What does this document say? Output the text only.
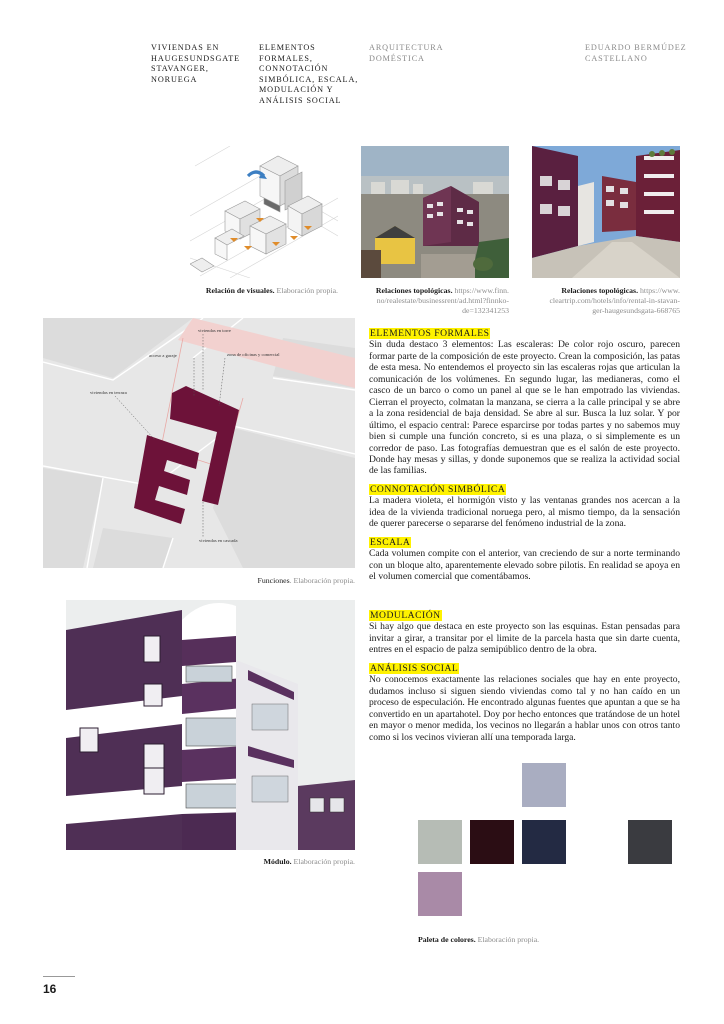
VIVIENDAS EN
HAUGESUNDSGATE
STAVANGER,
NORUEGA
ELEMENTOS
FORMALES,
CONNOTACIÓN
SIMBÓLICA, ESCALA,
MODULACIÓN Y
ANÁLISIS SOCIAL
ARQUITECTURA
DOMÉSTICA
EDUARDO BERMÚDEZ
CASTELLANO
Relación de visuales. Elaboración propia.	Relaciones topológicas. https://www.finn.
no/realestate/businessrent/ad.html?finnko-
de=132341253
Relaciones topológicas. https://www.
cleartrip.com/hotels/info/rental-in-stavan-
ger-haugesundsgata-668765
viviendas en terraza
acceso a garaje
viviendas en torre
zona de oficinas y comercial
viviendas en cascada
Funciones. Elaboración propia.
Módulo. Elaboración propia.
ELEMENTOS FORMALES

Sin duda destaco 3 elementos: Las escaleras: De color rojo oscuro, parecen formar parte de la composición de este proyecto. Crean la composición, las patas de esta mesa. No entendemos el proyecto sin las escaleras rojas que articulan la comunicación de los volúmenes. En segundo lugar, las medianeras, como el casco de un barco o como un panel al que se le han empotrado las viviendas. Cierran el proyecto, colmatan la manzana, se cierra a la calle principal y se abre a la zona residencial de baja densidad. Se abre al sur. Busca la luz solar. Y por último, el espacio central: Parece esparcirse por todas partes y no sabemos muy bien si cumple una función concreto, si es una plaza, o si simplemente es un corredor de paso. Las fotografías demuestran que es el salón de este proyecto. Donde hay mesas y sillas, y donde suponemos que se realiza la actividad social de las familias.

CONNOTACIÓN SIMBÓLICA

La madera violeta, el hormigón visto y las ventanas grandes nos acercan a la idea de la vivienda tradicional noruega pero, al mismo tiempo, da la sensación de querer parecerse o separarse del fenómeno industrial de la zona.

ESCALA

Cada volumen compite con el anterior, van creciendo de sur a norte terminando con un bloque alto, aparentemente elevado sobre pilotis. En realidad se apoya en el volumen comercial que comentábamos.

MODULACIÓN

Si hay algo que destaca en este proyecto son las esquinas. Estan pensadas para invitar a girar, a transitar por el limite de la parcela hasta que sin darte cuenta, entres en el espacio de palza semipúblico dentro de la obra.

ANÁLISIS SOCIAL

No conocemos exactamente las relaciones sociales que hay en ente proyecto, dudamos incluso si siguen siendo viviendas como tal y no han caído en un proceso de especulación. He encontrado algunas fuentes que apuntan a que se ha convertido en un apartahotel. Doy por hecho entonces que tratándose de un hotel en mayor o menor medida, los vecinos no llegarán a hablar unos con otros tanto como si los vecinos vivieran allí una temporada larga.

Paleta de colores. Elaboración propia.
16
